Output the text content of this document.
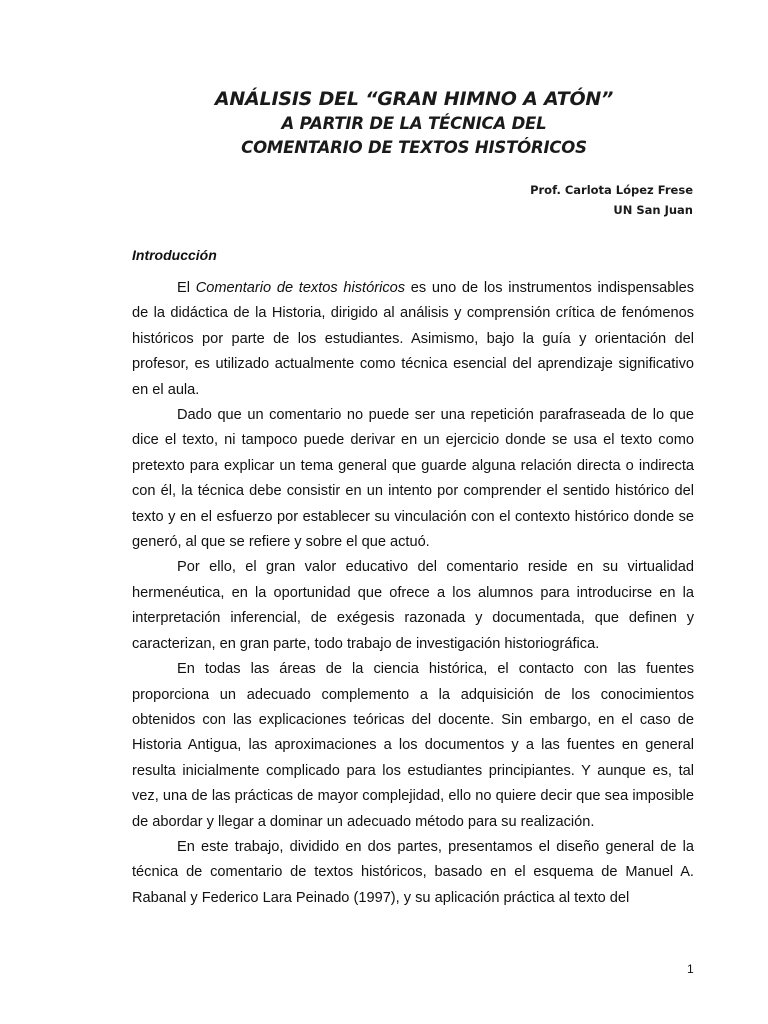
ANÁLISIS DEL “GRAN HIMNO A ATÓN”
A PARTIR DE LA TÉCNICA DEL
COMENTARIO DE TEXTOS HISTÓRICOS
Prof. Carlota López Frese
UN San Juan
Introducción

El Comentario de textos históricos es uno de los instrumentos indispensables de la didáctica de la Historia, dirigido al análisis y comprensión crítica de fenómenos históricos por parte de los estudiantes. Asimismo, bajo la guía y orientación del profesor, es utilizado actualmente como técnica esencial del aprendizaje significativo en el aula.

Dado que un comentario no puede ser una repetición parafraseada de lo que dice el texto, ni tampoco puede derivar en un ejercicio donde se usa el texto como pretexto para explicar un tema general que guarde alguna relación directa o indirecta con él, la técnica debe consistir en un intento por comprender el sentido histórico del texto y en el esfuerzo por establecer su vinculación con el contexto histórico donde se generó, al que se refiere y sobre el que actuó.

Por ello, el gran valor educativo del comentario reside en su virtualidad hermenéutica, en la oportunidad que ofrece a los alumnos para introducirse en la interpretación inferencial, de exégesis razonada y documentada, que definen y caracterizan, en gran parte, todo trabajo de investigación historiográfica.

En todas las áreas de la ciencia histórica, el contacto con las fuentes proporciona un adecuado complemento a la adquisición de los conocimientos obtenidos con las explicaciones teóricas del docente. Sin embargo, en el caso de Historia Antigua, las aproximaciones a los documentos y a las fuentes en general resulta inicialmente complicado para los estudiantes principiantes. Y aunque es, tal vez, una de las prácticas de mayor complejidad, ello no quiere decir que sea imposible de abordar y llegar a dominar un adecuado método para su realización.

En este trabajo, dividido en dos partes, presentamos el diseño general de la técnica de comentario de textos históricos, basado en el esquema de Manuel A. Rabanal y Federico Lara Peinado (1997), y su aplicación práctica al texto del

1
